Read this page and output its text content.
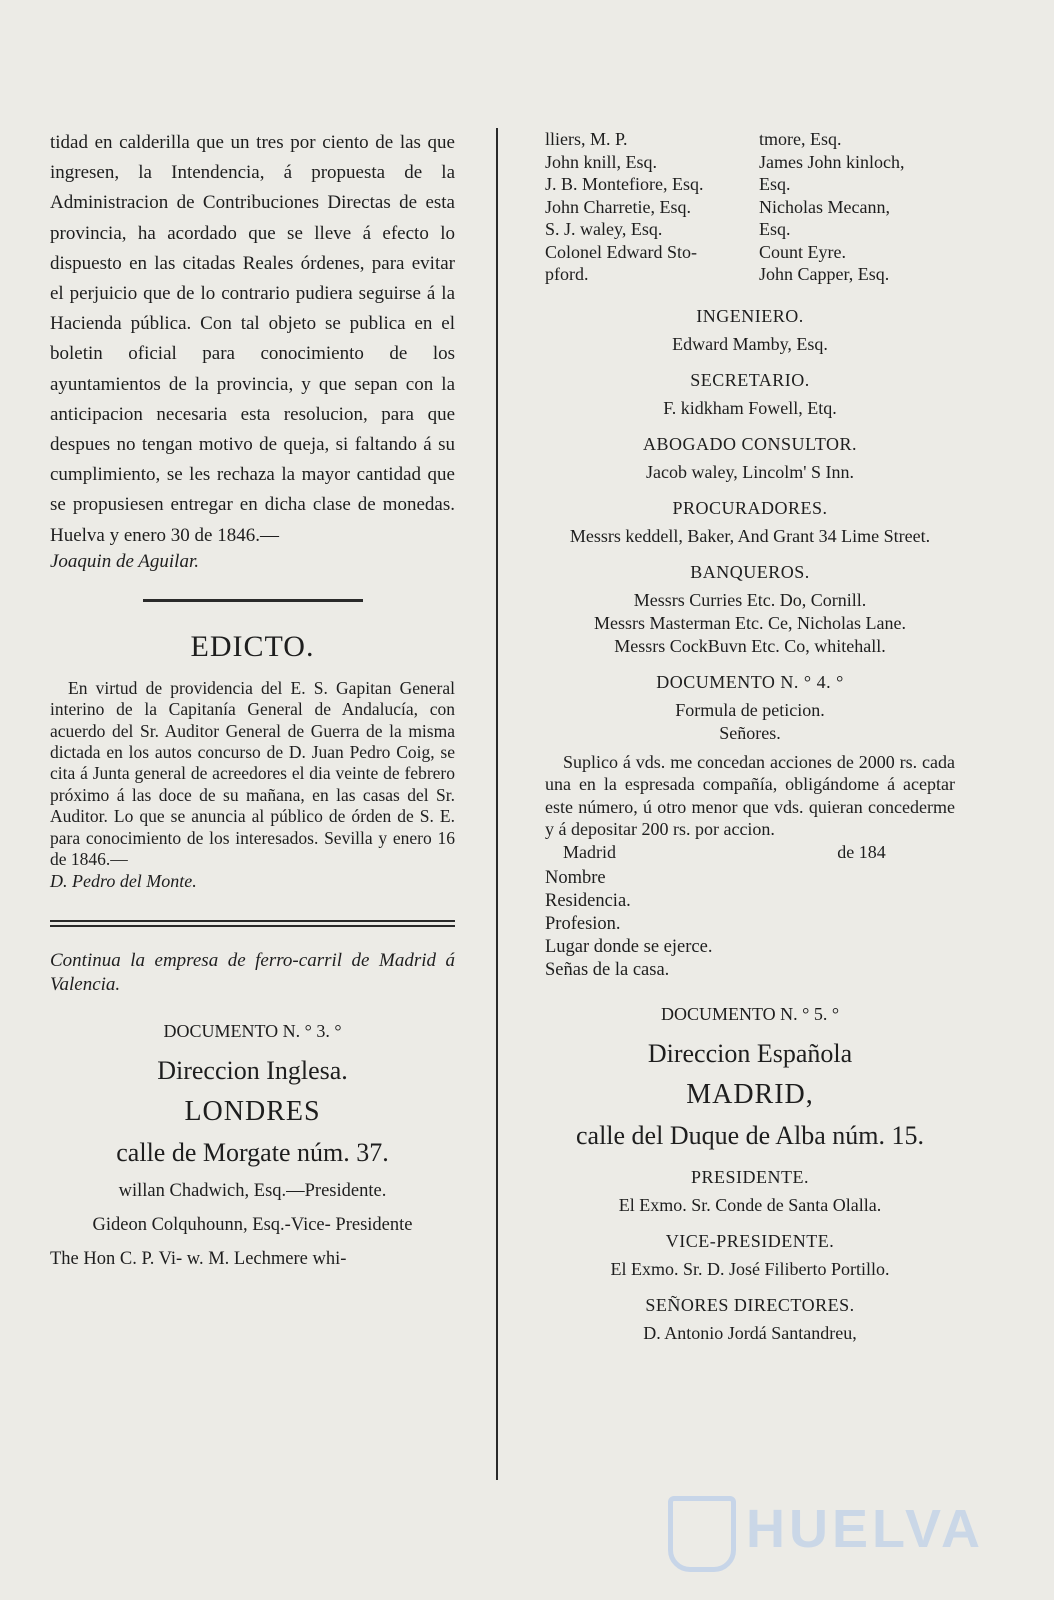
tidad en calderilla que un tres por ciento de las que ingresen, la Intendencia, á propuesta de la Administracion de Contribuciones Directas de esta provincia, ha acordado que se lleve á efecto lo dispuesto en las citadas Reales órdenes, para evitar el perjuicio que de lo contrario pudiera seguirse á la Hacienda pública. Con tal objeto se publica en el boletin oficial para conocimiento de los ayuntamientos de la provincia, y que sepan con la anticipacion necesaria esta resolucion, para que despues no tengan motivo de queja, si faltando á su cumplimiento, se les rechaza la mayor cantidad que se propusiesen entregar en dicha clase de monedas. Huelva y enero 30 de 1846.—

Joaquin de Aguilar.
EDICTO.

En virtud de providencia del E. S. Gapitan General interino de la Capitanía General de Andalucía, con acuerdo del Sr. Auditor General de Guerra de la misma dictada en los autos concurso de D. Juan Pedro Coig, se cita á Junta general de acreedores el dia veinte de febrero próximo á las doce de su mañana, en las casas del Sr. Auditor. Lo que se anuncia al público de órden de S. E. para conocimiento de los interesados. Sevilla y enero 16 de 1846.—

D. Pedro del Monte.

Continua la empresa de ferro-carril de Madrid á Valencia.

DOCUMENTO N. ° 3. °
Direccion Inglesa.
LONDRES
calle de Morgate núm. 37.

willan Chadwich, Esq.—Presidente.

Gideon Colquhounn, Esq.-Vice- Presidente

The Hon C. P. Vi- w. M. Lechmere whi-

lliers, M. P.	tmore, Esq.
John knill, Esq.	James John kinloch,
J. B. Montefiore, Esq.	Esq.
John Charretie, Esq.	Nicholas Mecann,
S. J. waley, Esq.	Esq.
Colonel Edward Sto-	Count Eyre.
pford.	John Capper, Esq.
INGENIERO.

Edward Mamby, Esq.

SECRETARIO.

F. kidkham Fowell, Etq.

ABOGADO CONSULTOR.

Jacob waley, Lincolm' S Inn.

PROCURADORES.

Messrs keddell, Baker, And Grant 34 Lime Street.

BANQUEROS.

Messrs Curries Etc. Do, Cornill.

Messrs Masterman Etc. Ce, Nicholas Lane.

Messrs CockBuvn Etc. Co, whitehall.

DOCUMENTO N. ° 4. °

Formula de peticion.

Señores.

Suplico á vds. me concedan acciones de 2000 rs. cada una en la espresada compañía, obligándome á aceptar este número, ú otro menor que vds. quieran concederme y á depositar 200 rs. por accion.

Madrid	de 184

Nombre

Residencia.

Profesion.

Lugar donde se ejerce.

Señas de la casa.

DOCUMENTO N. ° 5. °
Direccion Española
MADRID,
calle del Duque de Alba núm. 15.
PRESIDENTE.

El Exmo. Sr. Conde de Santa Olalla.

VICE-PRESIDENTE.

El Exmo. Sr. D. José Filiberto Portillo.

SEÑORES DIRECTORES.

D. Antonio Jordá Santandreu,

HUELVA
